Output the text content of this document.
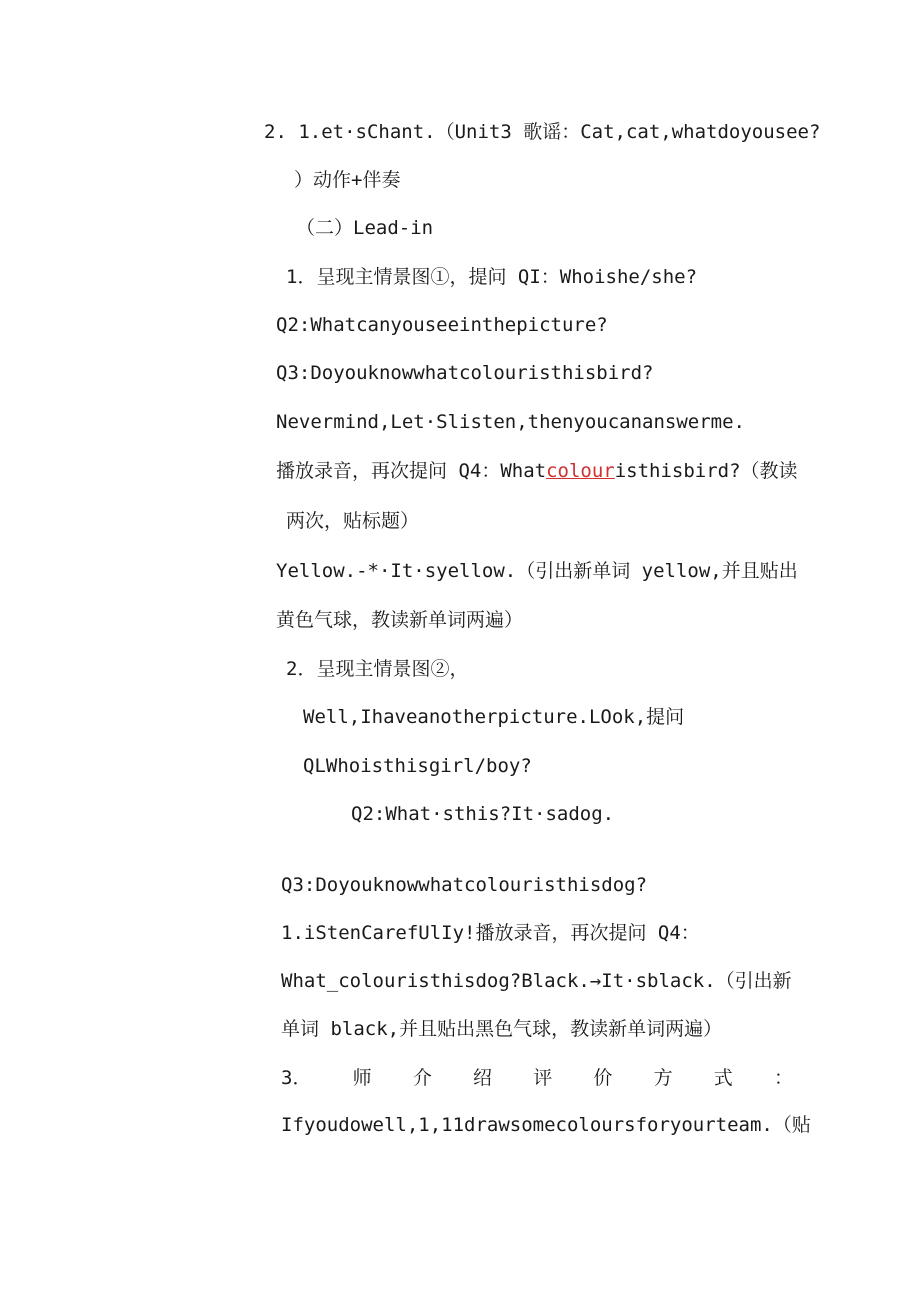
2. 1.et·sChant.（Unit3 歌谣：Cat,cat,whatdoyousee?
）动作+伴奏
（二）Lead-in
1．呈现主情景图①，提问 QI：Whoishe/she?
Q2:Whatcanyouseeinthepicture?
Q3:Doyouknowwhatcolouristhisbird?
Nevermind,Let·Slisten,thenyoucananswerme.
播放录音，再次提问 Q4：Whatcolouristhisbird?（教读
两次，贴标题）
Yellow.-*·It·syellow.（引出新单词 yellow,并且贴出
黄色气球，教读新单词两遍）
2．呈现主情景图②，
Well,Ihaveanotherpicture.LOok,提问
QLWhoisthisgirl/boy?
Q2:What·sthis?It·sadog.
Q3:Doyouknowwhatcolouristhisdog?
1.iStenCarefUlIy!播放录音，再次提问 Q4：
What_colouristhisdog?Black.→It·sblack.（引出新
单词 black,并且贴出黑色气球，教读新单词两遍）
3． 师 介 绍 评 价 方 式 ：
Ifyoudowell,1,11drawsomecoloursforyourteam.（贴
